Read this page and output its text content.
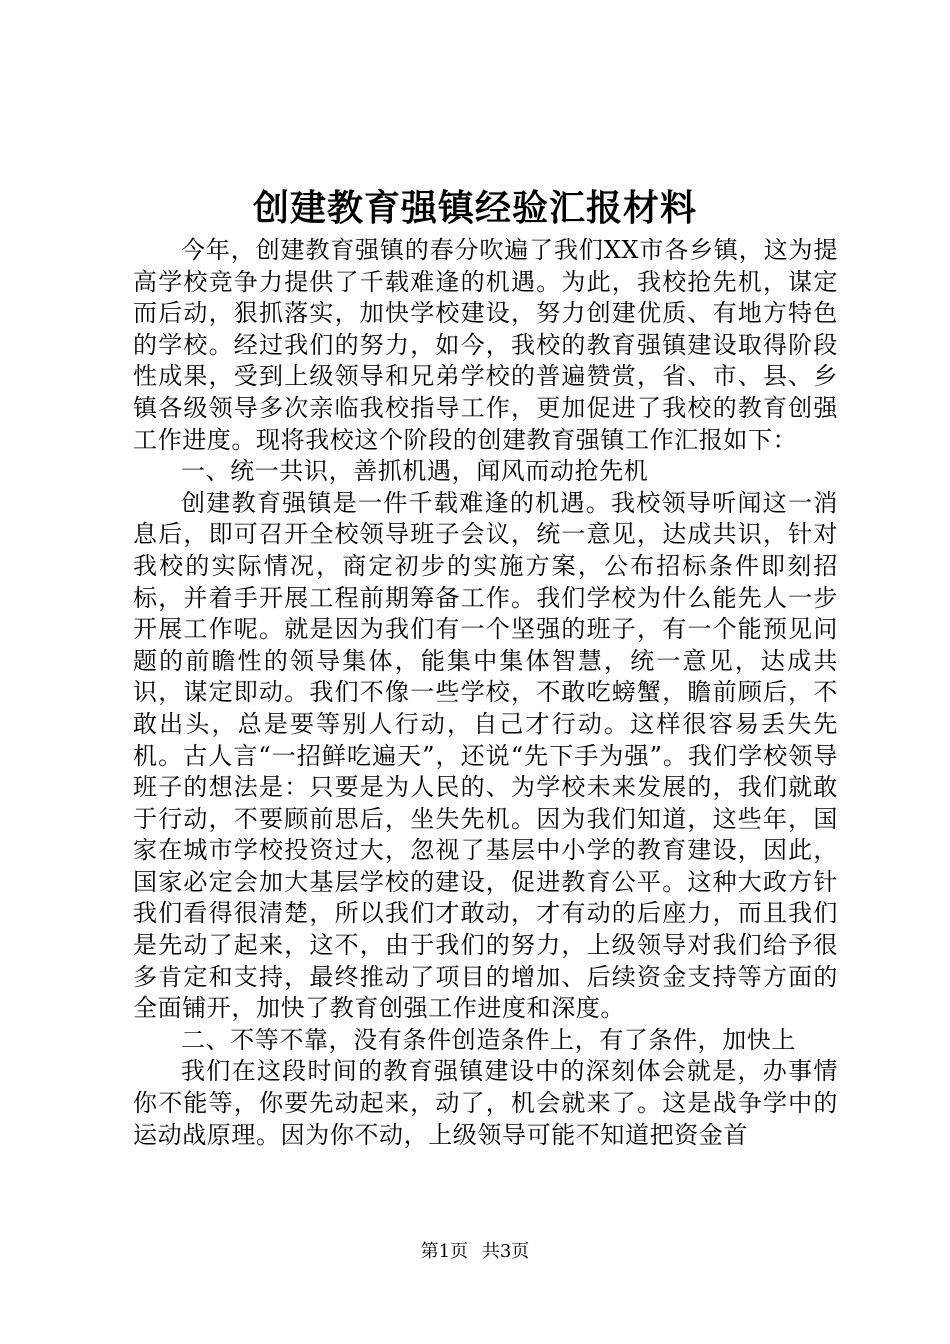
创建教育强镇经验汇报材料

今年，创建教育强镇的春分吹遍了我们XX市各乡镇，这为提高学校竞争力提供了千载难逢的机遇。为此，我校抢先机，谋定而后动，狠抓落实，加快学校建设，努力创建优质、有地方特色的学校。经过我们的努力，如今，我校的教育强镇建设取得阶段性成果，受到上级领导和兄弟学校的普遍赞赏，省、市、县、乡镇各级领导多次亲临我校指导工作，更加促进了我校的教育创强工作进度。现将我校这个阶段的创建教育强镇工作汇报如下：

一、统一共识，善抓机遇，闻风而动抢先机

创建教育强镇是一件千载难逢的机遇。我校领导听闻这一消息后，即可召开全校领导班子会议，统一意见，达成共识，针对我校的实际情况，商定初步的实施方案，公布招标条件即刻招标，并着手开展工程前期筹备工作。我们学校为什么能先人一步开展工作呢。就是因为我们有一个坚强的班子，有一个能预见问题的前瞻性的领导集体，能集中集体智慧，统一意见，达成共识，谋定即动。我们不像一些学校，不敢吃螃蟹，瞻前顾后，不敢出头，总是要等别人行动，自己才行动。这样很容易丢失先机。古人言“一招鲜吃遍天”，还说“先下手为强”。我们学校领导班子的想法是：只要是为人民的、为学校未来发展的，我们就敢于行动，不要顾前思后，坐失先机。因为我们知道，这些年，国家在城市学校投资过大，忽视了基层中小学的教育建设，因此，国家必定会加大基层学校的建设，促进教育公平。这种大政方针我们看得很清楚，所以我们才敢动，才有动的后座力，而且我们是先动了起来，这不，由于我们的努力，上级领导对我们给予很多肯定和支持，最终推动了项目的增加、后续资金支持等方面的全面铺开，加快了教育创强工作进度和深度。

二、不等不靠，没有条件创造条件上，有了条件，加快上

我们在这段时间的教育强镇建设中的深刻体会就是，办事情你不能等，你要先动起来，动了，机会就来了。这是战争学中的运动战原理。因为你不动，上级领导可能不知道把资金首

第1页 共3页
